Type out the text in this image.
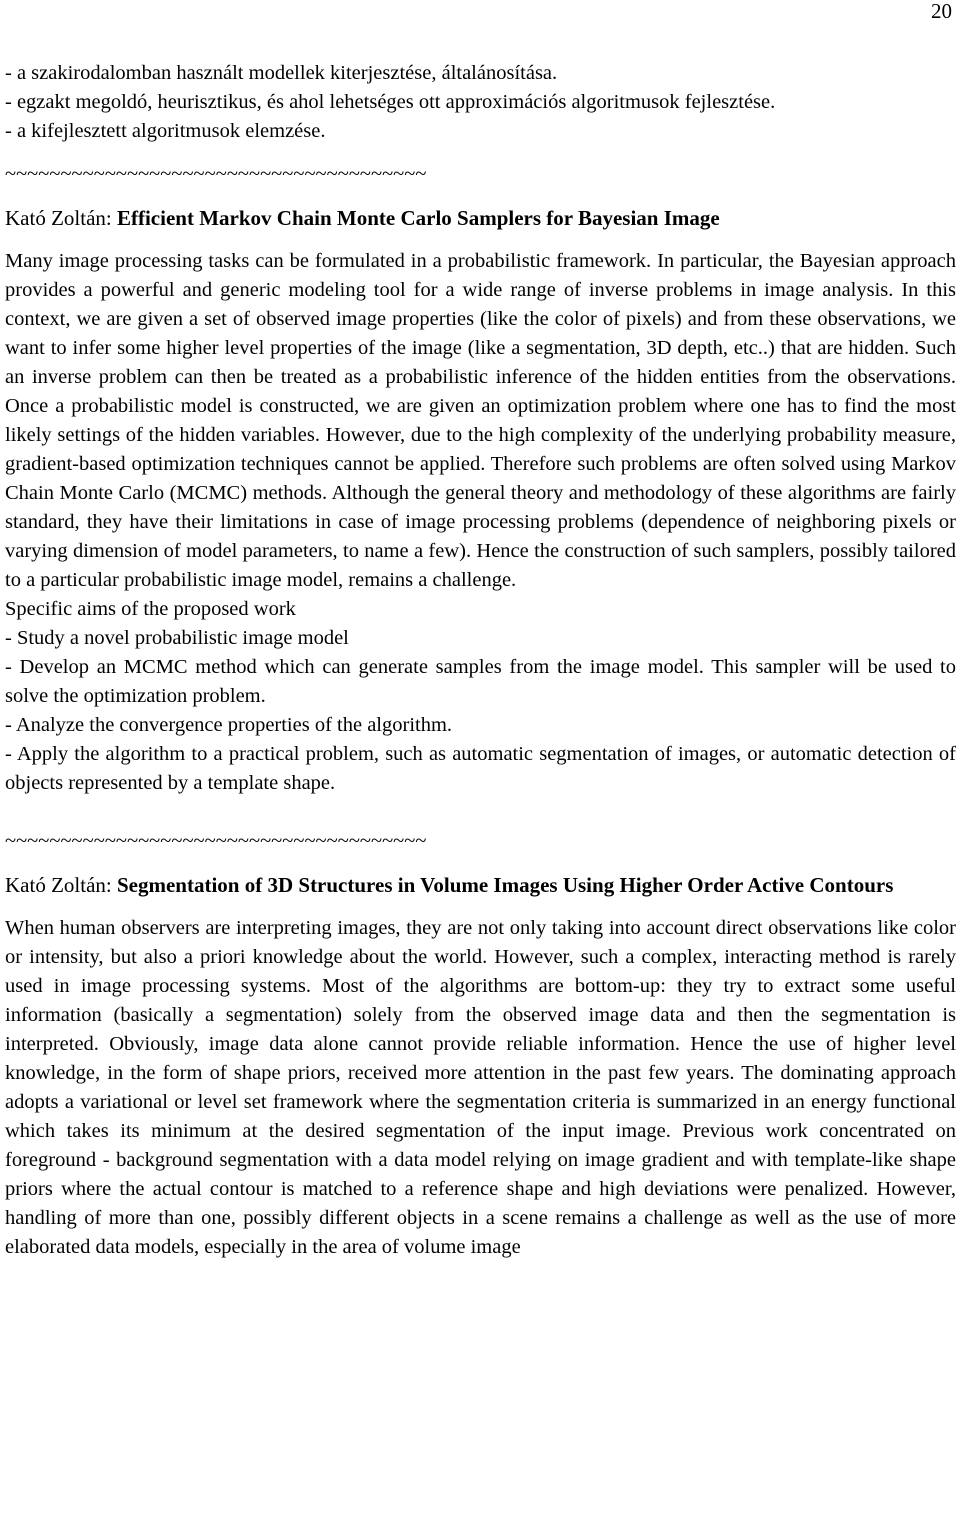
20
- a szakirodalomban használt modellek kiterjesztése, általánosítása.
- egzakt megoldó, heurisztikus, és ahol lehetséges ott approximációs algoritmusok fejlesztése.
- a kifejlesztett algoritmusok elemzése.

~~~~~~~~~~~~~~~~~~~~~~~~~~~~~~~~~~~~~~

Kató Zoltán: Efficient Markov Chain Monte Carlo Samplers for Bayesian Image

Many image processing tasks can be formulated in a probabilistic framework. In particular, the Bayesian approach provides a powerful and generic modeling tool for a wide range of inverse problems in image analysis. In this context, we are given a set of observed image properties (like the color of pixels) and from these observations, we want to infer some higher level properties of the image (like a segmentation, 3D depth, etc..) that are hidden. Such an inverse problem can then be treated as a probabilistic inference of the hidden entities from the observations. Once a probabilistic model is constructed, we are given an optimization problem where one has to find the most likely settings of the hidden variables. However, due to the high complexity of the underlying probability measure, gradient-based optimization techniques cannot be applied. Therefore such problems are often solved using Markov Chain Monte Carlo (MCMC) methods. Although the general theory and methodology of these algorithms are fairly standard, they have their limitations in case of image processing problems (dependence of neighboring pixels or varying dimension of model parameters, to name a few). Hence the construction of such samplers, possibly tailored to a particular probabilistic image model, remains a challenge.

Specific aims of the proposed work

- Study a novel probabilistic image model

- Develop an MCMC method which can generate samples from the image model. This sampler will be used to solve the optimization problem.

- Analyze the convergence properties of the algorithm.

- Apply the algorithm to a practical problem, such as automatic segmentation of images, or automatic detection of objects represented by a template shape.

~~~~~~~~~~~~~~~~~~~~~~~~~~~~~~~~~~~~~~

Kató Zoltán: Segmentation of 3D Structures in Volume Images Using Higher Order Active Contours

When human observers are interpreting images, they are not only taking into account direct observations like color or intensity, but also a priori knowledge about the world. However, such a complex, interacting method is rarely used in image processing systems. Most of the algorithms are bottom-up: they try to extract some useful information (basically a segmentation) solely from the observed image data and then the segmentation is interpreted. Obviously, image data alone cannot provide reliable information. Hence the use of higher level knowledge, in the form of shape priors, received more attention in the past few years. The dominating approach adopts a variational or level set framework where the segmentation criteria is summarized in an energy functional which takes its minimum at the desired segmentation of the input image. Previous work concentrated on foreground - background segmentation with a data model relying on image gradient and with template-like shape priors where the actual contour is matched to a reference shape and high deviations were penalized. However, handling of more than one, possibly different objects in a scene remains a challenge as well as the use of more elaborated data models, especially in the area of volume image
